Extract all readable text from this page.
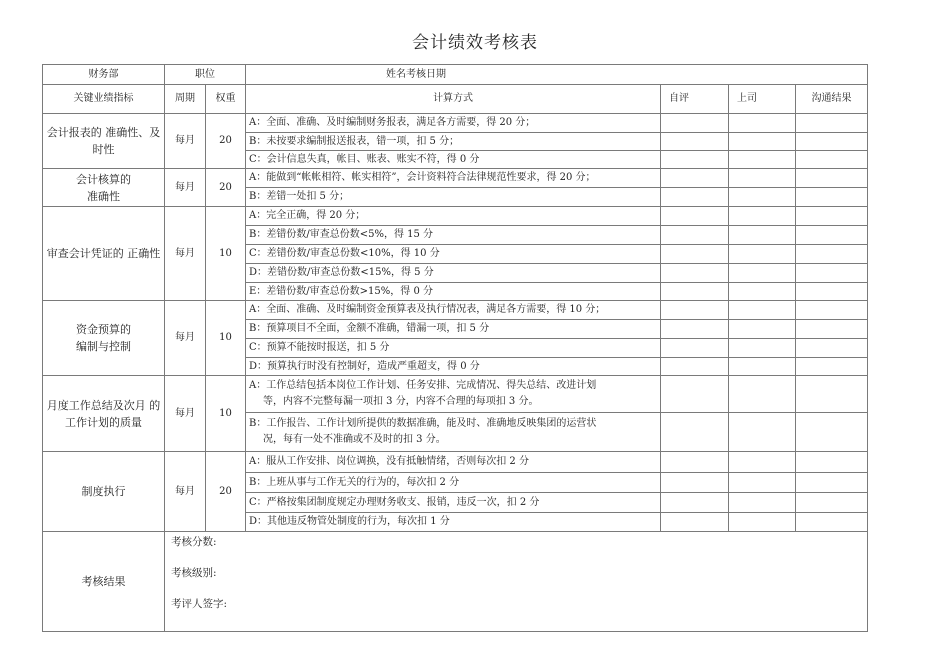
会计绩效考核表
财务部	职位		姓名考核日期			
关键业绩指标	周期	权重	计算方式	自评	上司	沟通结果
会计报表的 准确性、及
时性	每月	20	A：全面、准确、及时编制财务报表，满足各方需要，得 20 分；			
			B：未按要求编制报送报表，错一项，扣 5 分；			
			C：会计信息失真，帐目、账表、账实不符，得 0 分			
会计核算的
准确性	每月	20	A：能做到“帐帐相符、帐实相符”，会计资料符合法律规范性要求，得 20 分；			
			B：差错一处扣 5 分；			
审查会计凭证的 正确性	每月	10	A：完全正确，得 20 分；			
			B：差错份数/审查总份数<5%，得 15 分			
			C：差错份数/审查总份数<10%，得 10 分			
			D：差错份数/审查总份数<15%，得 5 分			
			E：差错份数/审查总份数>15%，得 0 分			
资金预算的
编制与控制	每月	10	A：全面、准确、及时编制资金预算表及执行情况表，满足各方需要，得 10 分；			
			B：预算项目不全面，金额不准确，错漏一项，扣 5 分			
			C：预算不能按时报送，扣 5 分			
			D：预算执行时没有控制好，造成严重超支，得 0 分			
月度工作总结及次月 的
工作计划的质量	每月	10	A：工作总结包括本岗位工作计划、任务安排、完成情况、得失总结、改进计划
等，内容不完整每漏一项扣 3 分，内容不合理的每项扣 3 分。			

			B：工作报告、工作计划所提供的数据准确，能及时、准确地反映集团的运营状
况，每有一处不准确或不及时的扣 3 分。			

制度执行	每月	20	A：服从工作安排、岗位调换，没有抵触情绪，否则每次扣 2 分			
			B：上班从事与工作无关的行为的，每次扣 2 分			
			C：严格按集团制度规定办理财务收支、报销，违反一次，扣 2 分			
			D：其他违反物管处制度的行为，每次扣 1 分			
考核结果	考核分数:
考核级别:
考评人签字:					
